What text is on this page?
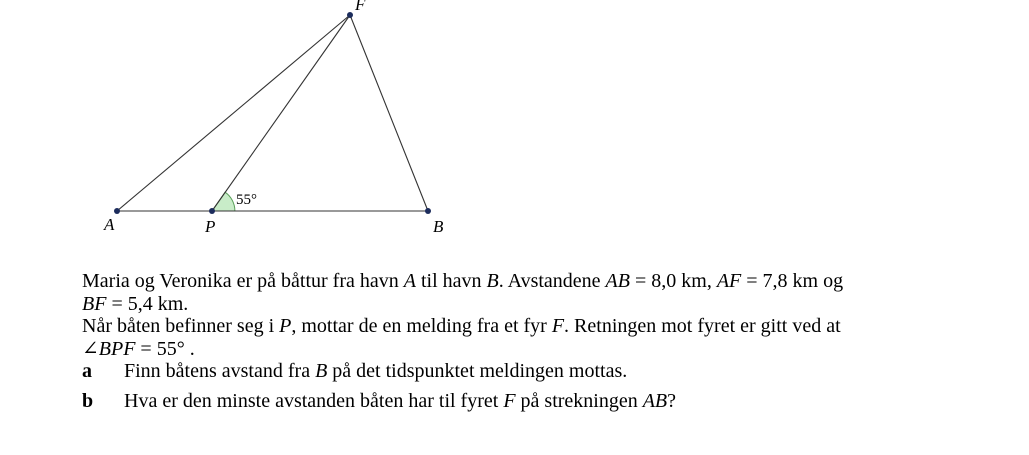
F
A	P	B
55°

Maria og Veronika er på båttur fra havn A til havn B. Avstandene AB = 8,0 km, AF = 7,8 km og
BF = 5,4 km.

Når båten befinner seg i P, mottar de en melding fra et fyr F. Retningen mot fyret er gitt ved at
∠BPF = 55° .

a	Finn båtens avstand fra B på det tidspunktet meldingen mottas.
b	Hva er den minste avstanden båten har til fyret F på strekningen AB?
